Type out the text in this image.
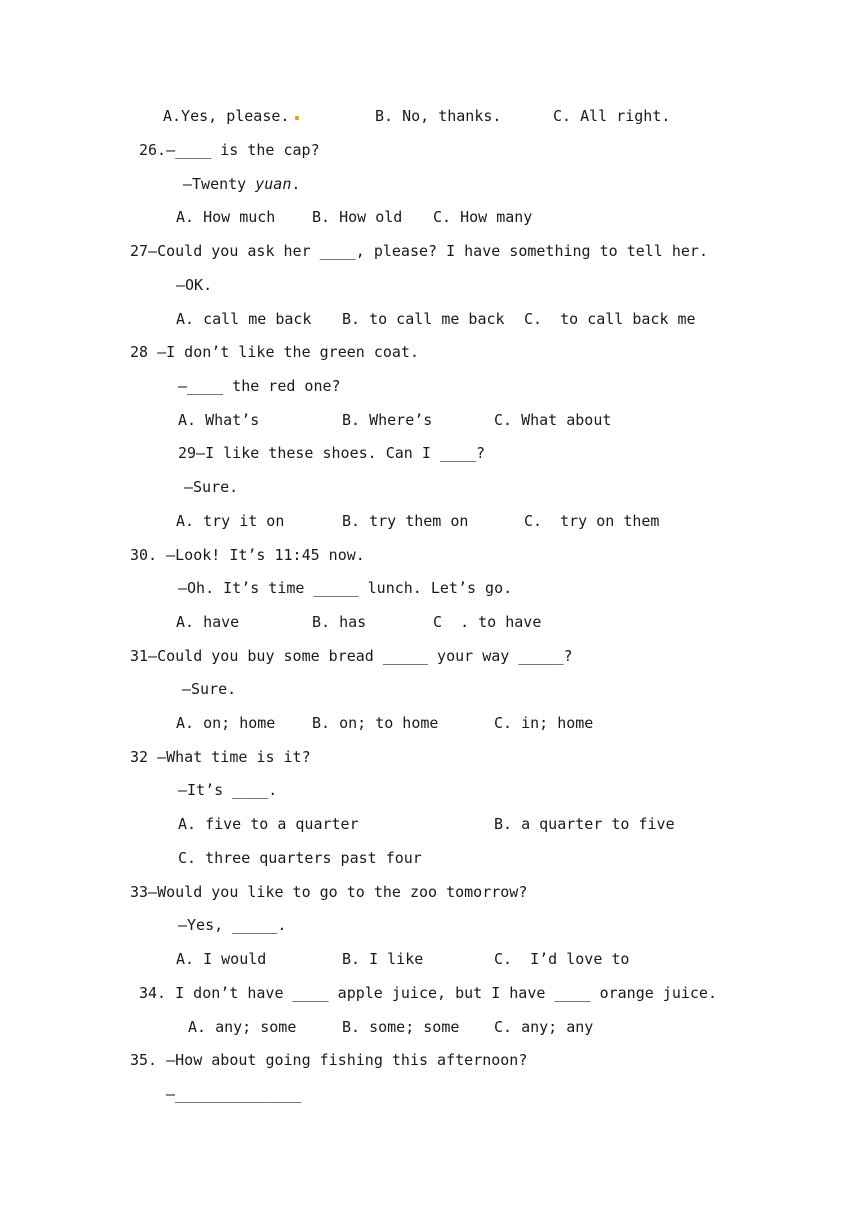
A.Yes, please.	B. No, thanks.	C. All right.
26.—____ is the cap?
—Twenty yuan.
A. How much B. How old C. How many
27—Could you ask her ____, please? I have something to tell her.
—OK.
A. call me back B. to call me back C.  to call back me
28 —I don’t like the green coat.
—____ the red one?
A. What’s	B. Where’s	C. What about
29—I like these shoes. Can I ____?
—Sure.
A. try it on	B. try them on	C.  try on them
30. —Look! It’s 11:45 now.
—Oh. It’s time _____ lunch. Let’s go.
A. have	B. has	C  . to have
31—Could you buy some bread _____ your way _____?
—Sure.
A. on; home B. on; to home	C. in; home
32 —What time is it?
—It’s ____.
A. five to a quarter	B. a quarter to five
C. three quarters past four
33—Would you like to go to the zoo tomorrow?
—Yes, _____.
A. I would	B. I like	C.  I’d love to
34. I don’t have ____ apple juice, but I have ____ orange juice.
A. any; some	B. some; some C. any; any
35. —How about going fishing this afternoon?
—______________
